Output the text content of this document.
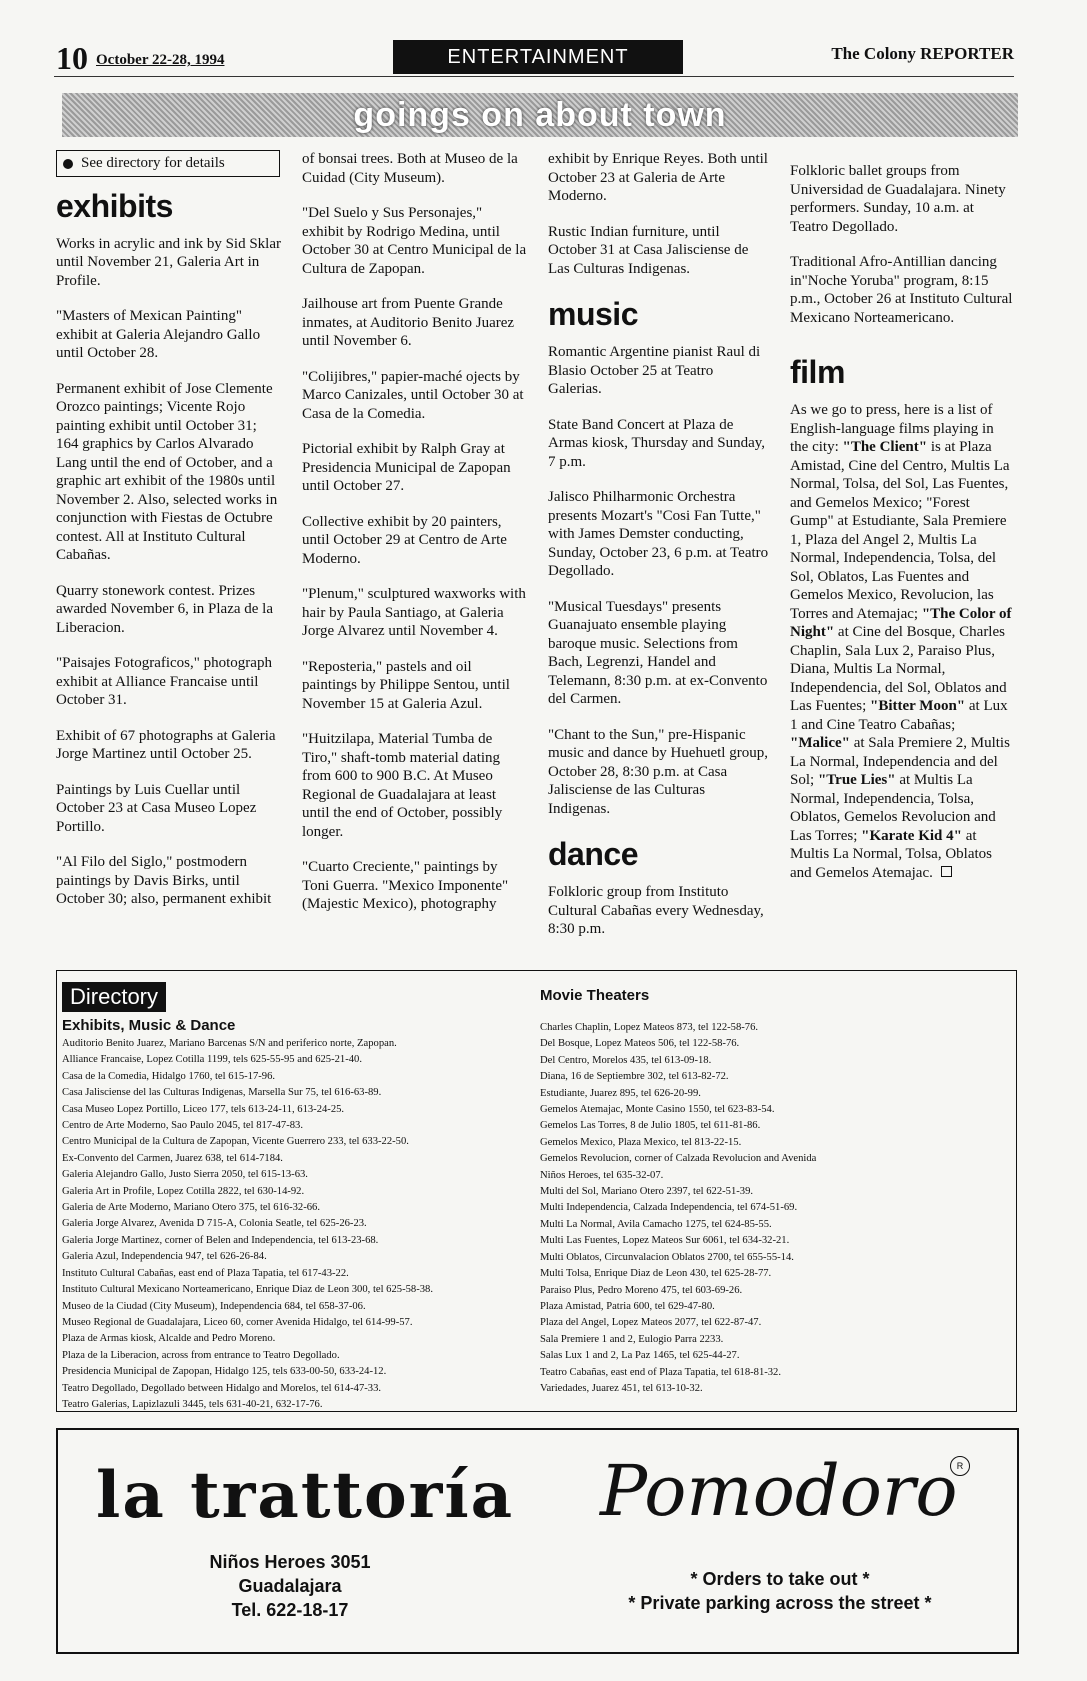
10 October 22-28, 1994	ENTERTAINMENT	The Colony REPORTER
goings on about town
See directory for details
exhibits

Works in acrylic and ink by Sid Sklar until November 21, Galeria Art in Profile.

"Masters of Mexican Painting" exhibit at Galeria Alejandro Gallo until October 28.

Permanent exhibit of Jose Clemente Orozco paintings; Vicente Rojo painting exhibit until October 31; 164 graphics by Carlos Alvarado Lang until the end of October, and a graphic art exhibit of the 1980s until November 2. Also, selected works in conjunction with Fiestas de Octubre contest. All at Instituto Cultural Cabañas.

Quarry stonework contest. Prizes awarded November 6, in Plaza de la Liberacion.

"Paisajes Fotograficos," photograph exhibit at Alliance Francaise until October 31.

Exhibit of 67 photographs at Galeria Jorge Martinez until October 25.

Paintings by Luis Cuellar until October 23 at Casa Museo Lopez Portillo.

"Al Filo del Siglo," postmodern paintings by Davis Birks, until October 30; also, permanent exhibit

of bonsai trees. Both at Museo de la Cuidad (City Museum).

"Del Suelo y Sus Personajes," exhibit by Rodrigo Medina, until October 30 at Centro Municipal de la Cultura de Zapopan.

Jailhouse art from Puente Grande inmates, at Auditorio Benito Juarez until November 6.

"Colijibres," papier-maché ojects by Marco Canizales, until October 30 at Casa de la Comedia.

Pictorial exhibit by Ralph Gray at Presidencia Municipal de Zapopan until October 27.

Collective exhibit by 20 painters, until October 29 at Centro de Arte Moderno.

"Plenum," sculptured waxworks with hair by Paula Santiago, at Galeria Jorge Alvarez until November 4.

"Reposteria," pastels and oil paintings by Philippe Sentou, until November 15 at Galeria Azul.

"Huitzilapa, Material Tumba de Tiro," shaft-tomb material dating from 600 to 900 B.C. At Museo Regional de Guadalajara at least until the end of October, possibly longer.

"Cuarto Creciente," paintings by Toni Guerra. "Mexico Imponente" (Majestic Mexico), photography

exhibit by Enrique Reyes. Both until October 23 at Galeria de Arte Moderno.

Rustic Indian furniture, until October 31 at Casa Jalisciense de Las Culturas Indigenas.

music

Romantic Argentine pianist Raul di Blasio October 25 at Teatro Galerias.

State Band Concert at Plaza de Armas kiosk, Thursday and Sunday, 7 p.m.

Jalisco Philharmonic Orchestra presents Mozart's "Cosi Fan Tutte," with James Demster conducting, Sunday, October 23, 6 p.m. at Teatro Degollado.

"Musical Tuesdays" presents Guanajuato ensemble playing baroque music. Selections from Bach, Legrenzi, Handel and Telemann, 8:30 p.m. at ex-Convento del Carmen.

"Chant to the Sun," pre-Hispanic music and dance by Huehuetl group, October 28, 8:30 p.m. at Casa Jalisciense de las Culturas Indigenas.

dance

Folkloric group from Instituto Cultural Cabañas every Wednesday, 8:30 p.m.

Folkloric ballet groups from Universidad de Guadalajara. Ninety performers. Sunday, 10 a.m. at Teatro Degollado.

Traditional Afro-Antillian dancing in"Noche Yoruba" program, 8:15 p.m., October 26 at Instituto Cultural Mexicano Norteamericano.

film

As we go to press, here is a list of English-language films playing in the city: "The Client" is at Plaza Amistad, Cine del Centro, Multis La Normal, Tolsa, del Sol, Las Fuentes, and Gemelos Mexico; "Forest Gump" at Estudiante, Sala Premiere 1, Plaza del Angel 2, Multis La Normal, Independencia, Tolsa, del Sol, Oblatos, Las Fuentes and Gemelos Mexico, Revolucion, las Torres and Atemajac; "The Color of Night" at Cine del Bosque, Charles Chaplin, Sala Lux 2, Paraiso Plus, Diana, Multis La Normal, Independencia, del Sol, Oblatos and Las Fuentes; "Bitter Moon" at Lux 1 and Cine Teatro Cabañas; "Malice" at Sala Premiere 2, Multis La Normal, Independencia and del Sol; "True Lies" at Multis La Normal, Independencia, Tolsa, Oblatos, Gemelos Revolucion and Las Torres; "Karate Kid 4" at Multis La Normal, Tolsa, Oblatos and Gemelos Atemajac.

Directory
Exhibits, Music & Dance
Auditorio Benito Juarez, Mariano Barcenas S/N and periferico norte, Zapopan.
Alliance Francaise, Lopez Cotilla 1199, tels 625-55-95 and 625-21-40.
Casa de la Comedia, Hidalgo 1760, tel 615-17-96.
Casa Jalisciense del las Culturas Indigenas, Marsella Sur 75, tel 616-63-89.
Casa Museo Lopez Portillo, Liceo 177, tels 613-24-11, 613-24-25.
Centro de Arte Moderno, Sao Paulo 2045, tel 817-47-83.
Centro Municipal de la Cultura de Zapopan, Vicente Guerrero 233, tel 633-22-50.
Ex-Convento del Carmen, Juarez 638, tel 614-7184.
Galeria Alejandro Gallo, Justo Sierra 2050, tel 615-13-63.
Galeria Art in Profile, Lopez Cotilla 2822, tel 630-14-92.
Galeria de Arte Moderno, Mariano Otero 375, tel 616-32-66.
Galeria Jorge Alvarez, Avenida D 715-A, Colonia Seatle, tel 625-26-23.
Galeria Jorge Martinez, corner of Belen and Independencia, tel 613-23-68.
Galeria Azul, Independencia 947, tel 626-26-84.
Instituto Cultural Cabañas, east end of Plaza Tapatia, tel 617-43-22.
Instituto Cultural Mexicano Norteamericano, Enrique Diaz de Leon 300, tel 625-58-38.
Museo de la Ciudad (City Museum), Independencia 684, tel 658-37-06.
Museo Regional de Guadalajara, Liceo 60, corner Avenida Hidalgo, tel 614-99-57.
Plaza de Armas kiosk, Alcalde and Pedro Moreno.
Plaza de la Liberacion, across from entrance to Teatro Degollado.
Presidencia Municipal de Zapopan, Hidalgo 125, tels 633-00-50, 633-24-12.
Teatro Degollado, Degollado between Hidalgo and Morelos, tel 614-47-33.
Teatro Galerias, Lapizlazuli 3445, tels 631-40-21, 632-17-76.
Movie Theaters
Charles Chaplin, Lopez Mateos 873, tel 122-58-76.
Del Bosque, Lopez Mateos 506, tel 122-58-76.
Del Centro, Morelos 435, tel 613-09-18.
Diana, 16 de Septiembre 302, tel 613-82-72.
Estudiante, Juarez 895, tel 626-20-99.
Gemelos Atemajac, Monte Casino 1550, tel 623-83-54.
Gemelos Las Torres, 8 de Julio 1805, tel 611-81-86.
Gemelos Mexico, Plaza Mexico, tel 813-22-15.
Gemelos Revolucion, corner of Calzada Revolucion and Avenida
Niños Heroes, tel 635-32-07.
Multi del Sol, Mariano Otero 2397, tel 622-51-39.
Multi Independencia, Calzada Independencia, tel 674-51-69.
Multi La Normal, Avila Camacho 1275, tel 624-85-55.
Multi Las Fuentes, Lopez Mateos Sur 6061, tel 634-32-21.
Multi Oblatos, Circunvalacion Oblatos 2700, tel 655-55-14.
Multi Tolsa, Enrique Diaz de Leon 430, tel 625-28-77.
Paraiso Plus, Pedro Moreno 475, tel 603-69-26.
Plaza Amistad, Patria 600, tel 629-47-80.
Plaza del Angel, Lopez Mateos 2077, tel 622-87-47.
Sala Premiere 1 and 2, Eulogio Parra 2233.
Salas Lux 1 and 2, La Paz 1465, tel 625-44-27.
Teatro Cabañas, east end of Plaza Tapatia, tel 618-81-32.
Variedades, Juarez 451, tel 613-10-32.
la trattoría
Niños Heroes 3051
Guadalajara
Tel. 622-18-17
Pomodoro R
* Orders to take out *
* Private parking across the street *
